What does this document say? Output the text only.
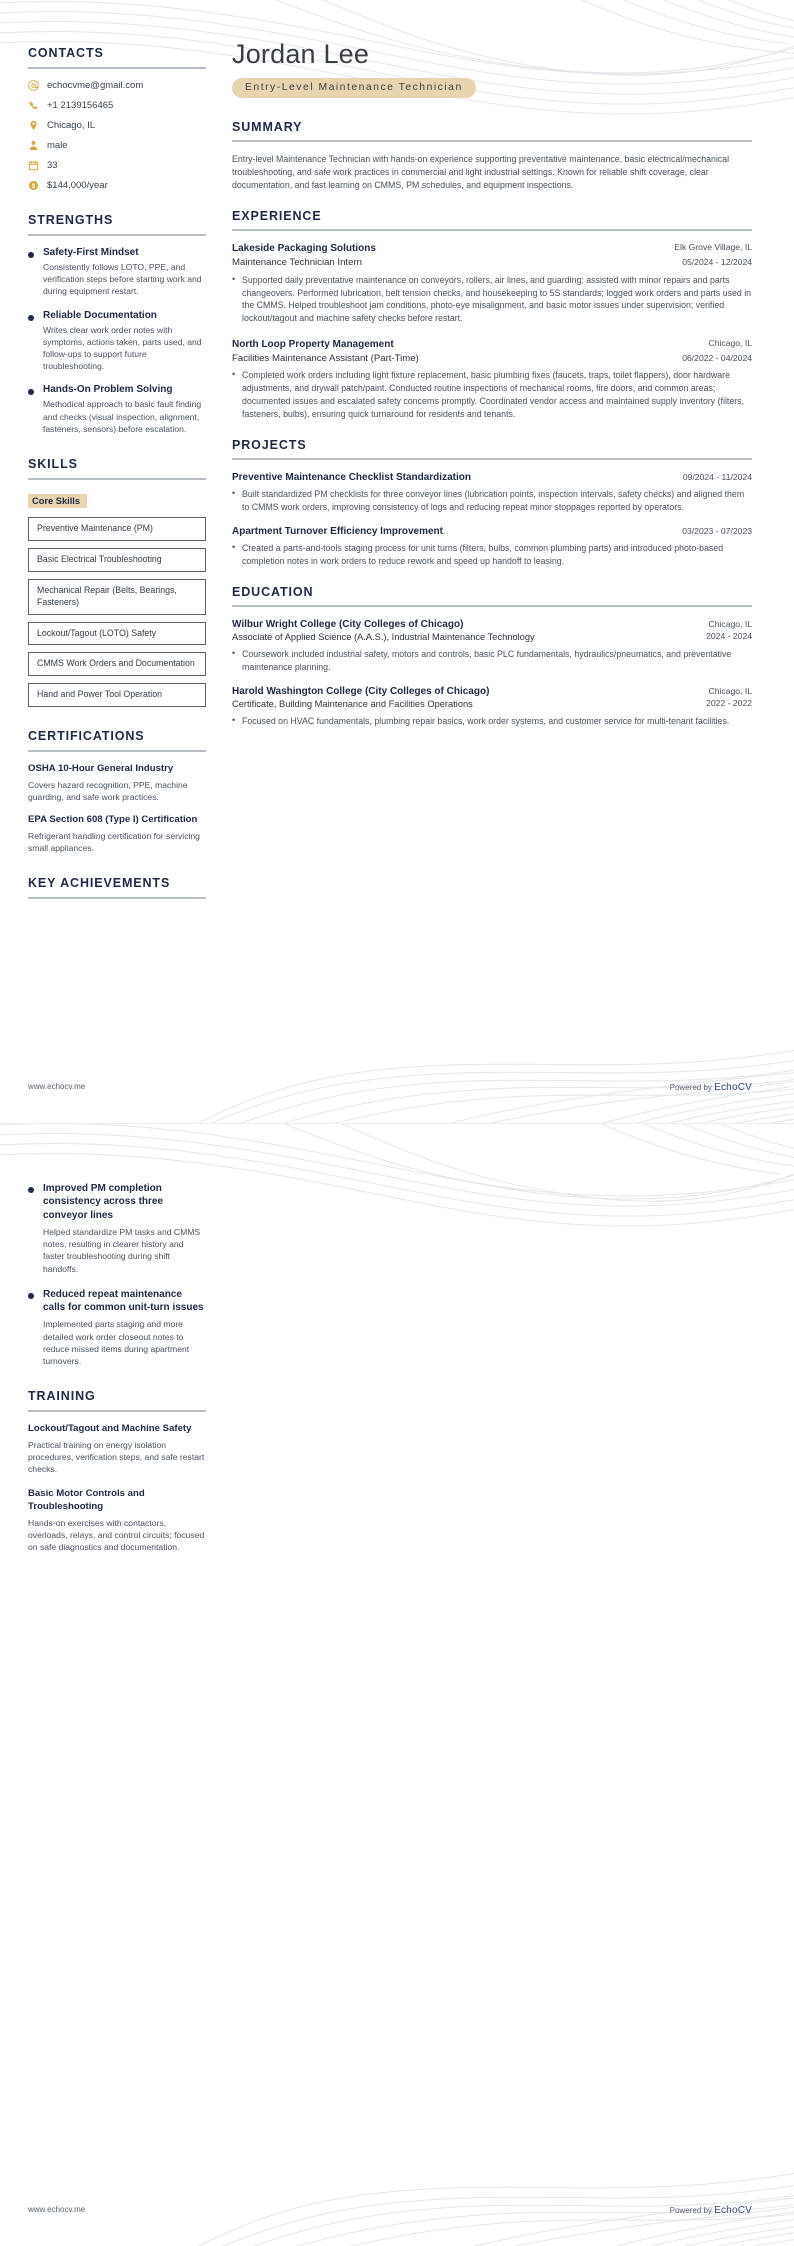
CONTACTS
echocvme@gmail.com
+1 2139156465
Chicago, IL
male
33
$ $144,000/year
STRENGTHS
Safety-First Mindset
Consistently follows LOTO, PPE, and verification steps before starting work and during equipment restart.
Reliable Documentation
Writes clear work order notes with symptoms, actions taken, parts used, and follow-ups to support future troubleshooting.
Hands-On Problem Solving
Methodical approach to basic fault finding and checks (visual inspection, alignment, fasteners, sensors) before escalation.
SKILLS
Core Skills
Preventive Maintenance (PM)
Basic Electrical Troubleshooting
Mechanical Repair (Belts, Bearings, Fasteners)
Lockout/Tagout (LOTO) Safety
CMMS Work Orders and Documentation
Hand and Power Tool Operation
CERTIFICATIONS
OSHA 10-Hour General Industry
Covers hazard recognition, PPE, machine guarding, and safe work practices.
EPA Section 608 (Type I) Certification
Refrigerant handling certification for servicing small appliances.
KEY ACHIEVEMENTS
Jordan Lee
Entry-Level Maintenance Technician
SUMMARY

Entry-level Maintenance Technician with hands-on experience supporting preventative maintenance, basic electrical/mechanical troubleshooting, and safe work practices in commercial and light industrial settings. Known for reliable shift coverage, clear documentation, and fast learning on CMMS, PM schedules, and equipment inspections.

EXPERIENCE
Lakeside Packaging Solutions	Elk Grove Village, IL
Maintenance Technician Intern	05/2024 - 12/2024
• Supported daily preventative maintenance on conveyors, rollers, air lines, and guarding; assisted with minor repairs and parts changeovers. Performed lubrication, belt tension checks, and housekeeping to 5S standards; logged work orders and parts used in the CMMS. Helped troubleshoot jam conditions, photo-eye misalignment, and basic motor issues under supervision; verified lockout/tagout and machine safety checks before restart.
North Loop Property Management	Chicago, IL
Facilities Maintenance Assistant (Part-Time)	06/2022 - 04/2024
• Completed work orders including light fixture replacement, basic plumbing fixes (faucets, traps, toilet flappers), door hardware adjustments, and drywall patch/paint. Conducted routine inspections of mechanical rooms, fire doors, and common areas; documented issues and escalated safety concerns promptly. Coordinated vendor access and maintained supply inventory (filters, fasteners, bulbs), ensuring quick turnaround for residents and tenants.
PROJECTS
Preventive Maintenance Checklist Standardization	09/2024 - 11/2024
• Built standardized PM checklists for three conveyor lines (lubrication points, inspection intervals, safety checks) and aligned them to CMMS work orders, improving consistency of logs and reducing repeat minor stoppages reported by operators.
Apartment Turnover Efficiency Improvement	03/2023 - 07/2023
• Created a parts-and-tools staging process for unit turns (filters, bulbs, common plumbing parts) and introduced photo-based completion notes in work orders to reduce rework and speed up handoff to leasing.
EDUCATION
Wilbur Wright College (City Colleges of Chicago)	Chicago, IL
Associate of Applied Science (A.A.S.), Industrial Maintenance Technology	2024 - 2024
• Coursework included industrial safety, motors and controls, basic PLC fundamentals, hydraulics/pneumatics, and preventative maintenance planning.
Harold Washington College (City Colleges of Chicago)	Chicago, IL
Certificate, Building Maintenance and Facilities Operations	2022 - 2022
• Focused on HVAC fundamentals, plumbing repair basics, work order systems, and customer service for multi-tenant facilities.
www.echocv.me	Powered by EchoCV
Improved PM completion consistency across three conveyor lines
Helped standardize PM tasks and CMMS notes, resulting in clearer history and faster troubleshooting during shift handoffs.
Reduced repeat maintenance calls for common unit-turn issues
Implemented parts staging and more detailed work order closeout notes to reduce missed items during apartment turnovers.
TRAINING
Lockout/Tagout and Machine Safety
Practical training on energy isolation procedures, verification steps, and safe restart checks.
Basic Motor Controls and Troubleshooting
Hands-on exercises with contactors, overloads, relays, and control circuits; focused on safe diagnostics and documentation.
www.echocv.me	Powered by EchoCV
